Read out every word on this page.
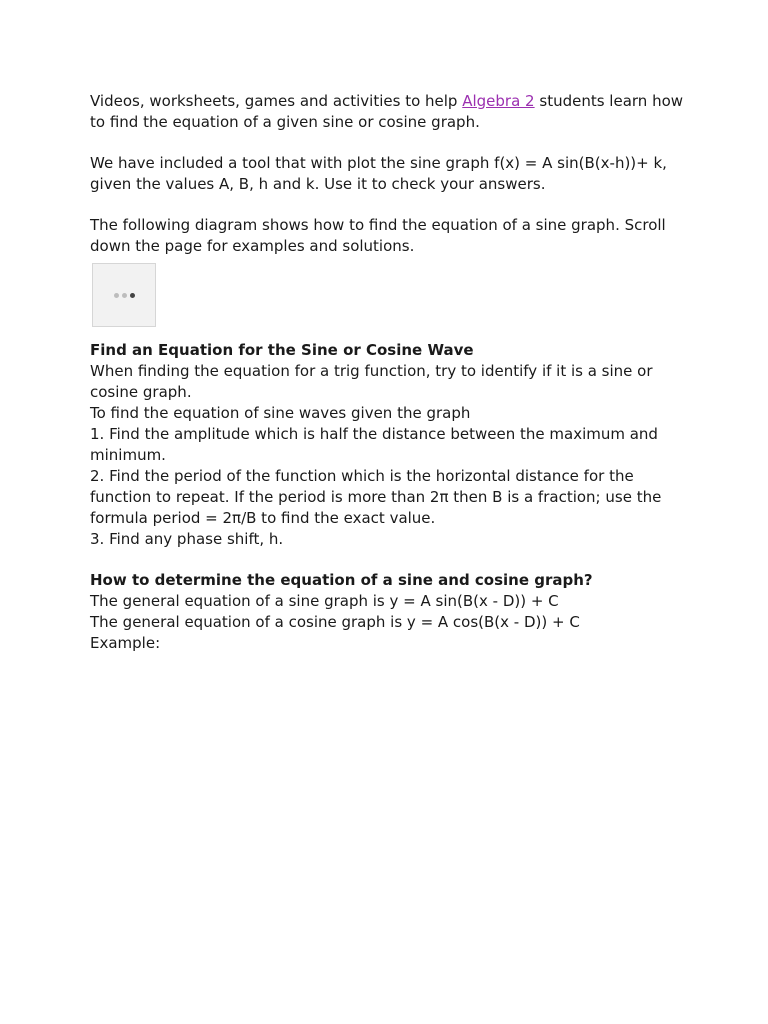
Videos, worksheets, games and activities to help Algebra 2 students learn how to find the equation of a given sine or cosine graph.

We have included a tool that with plot the sine graph f(x) = A sin(B(x-h))+ k, given the values A, B, h and k. Use it to check your answers.

The following diagram shows how to find the equation of a sine graph. Scroll down the page for examples and solutions.

Find an Equation for the Sine or Cosine Wave

When finding the equation for a trig function, try to identify if it is a sine or cosine graph.

To find the equation of sine waves given the graph

1. Find the amplitude which is half the distance between the maximum and minimum.

2. Find the period of the function which is the horizontal distance for the function to repeat. If the period is more than 2π then B is a fraction; use the formula period = 2π/B to find the exact value.

3. Find any phase shift, h.

How to determine the equation of a sine and cosine graph?

The general equation of a sine graph is y = A sin(B(x - D)) + C

The general equation of a cosine graph is y = A cos(B(x - D)) + C

Example:
